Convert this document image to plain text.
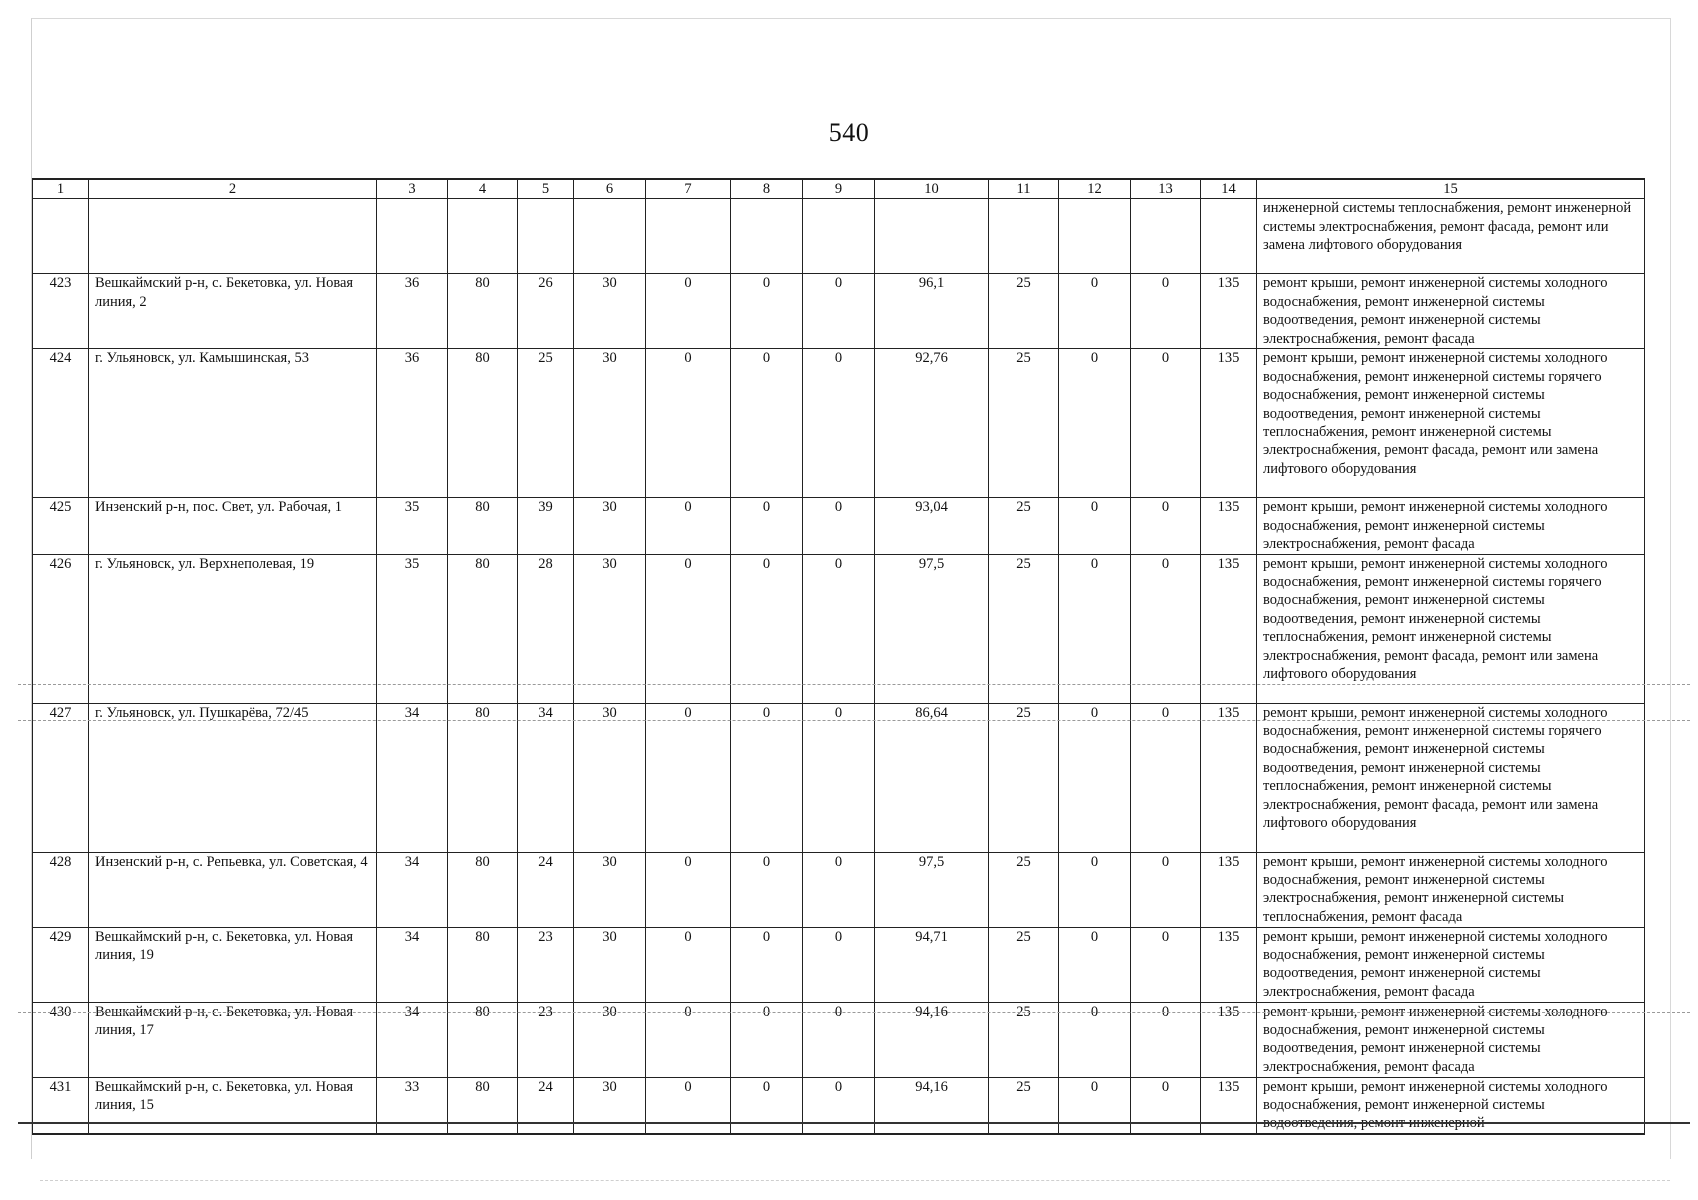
540
1	2	3	4	5	6	7	8	9	10	11	12	13	14	15
														инженерной системы теплоснабжения, ремонт инженерной системы электроснабжения, ремонт фасада, ремонт или замена лифтового оборудования
423	Вешкаймский р-н, с. Бекетовка, ул. Новая линия, 2	36	80	26	30	0	0	0	96,1	25	0	0	135	ремонт крыши, ремонт инженерной системы холодного водоснабжения, ремонт инженерной системы водоотведения, ремонт инженерной системы электроснабжения, ремонт фасада
424	г. Ульяновск, ул. Камышинская, 53	36	80	25	30	0	0	0	92,76	25	0	0	135	ремонт крыши, ремонт инженерной системы холодного водоснабжения, ремонт инженерной системы горячего водоснабжения, ремонт инженерной системы водоотведения, ремонт инженерной системы теплоснабжения, ремонт инженерной системы электроснабжения, ремонт фасада, ремонт или замена лифтового оборудования
425	Инзенский р-н, пос. Свет, ул. Рабочая, 1	35	80	39	30	0	0	0	93,04	25	0	0	135	ремонт крыши, ремонт инженерной системы холодного водоснабжения, ремонт инженерной системы электроснабжения, ремонт фасада
426	г. Ульяновск, ул. Верхнеполевая, 19	35	80	28	30	0	0	0	97,5	25	0	0	135	ремонт крыши, ремонт инженерной системы холодного водоснабжения, ремонт инженерной системы горячего водоснабжения, ремонт инженерной системы водоотведения, ремонт инженерной системы теплоснабжения, ремонт инженерной системы электроснабжения, ремонт фасада, ремонт или замена лифтового оборудования
427	г. Ульяновск, ул. Пушкарёва, 72/45	34	80	34	30	0	0	0	86,64	25	0	0	135	ремонт крыши, ремонт инженерной системы холодного водоснабжения, ремонт инженерной системы горячего водоснабжения, ремонт инженерной системы водоотведения, ремонт инженерной системы теплоснабжения, ремонт инженерной системы электроснабжения, ремонт фасада, ремонт или замена лифтового оборудования
428	Инзенский р-н, с. Репьевка, ул. Советская, 4	34	80	24	30	0	0	0	97,5	25	0	0	135	ремонт крыши, ремонт инженерной системы холодного водоснабжения, ремонт инженерной системы электроснабжения, ремонт инженерной системы теплоснабжения, ремонт фасада
429	Вешкаймский р-н, с. Бекетовка, ул. Новая линия, 19	34	80	23	30	0	0	0	94,71	25	0	0	135	ремонт крыши, ремонт инженерной системы холодного водоснабжения, ремонт инженерной системы водоотведения, ремонт инженерной системы электроснабжения, ремонт фасада
430	Вешкаймский р-н, с. Бекетовка, ул. Новая линия, 17	34	80	23	30	0	0	0	94,16	25	0	0	135	ремонт крыши, ремонт инженерной системы холодного водоснабжения, ремонт инженерной системы водоотведения, ремонт инженерной системы электроснабжения, ремонт фасада
431	Вешкаймский р-н, с. Бекетовка, ул. Новая линия, 15	33	80	24	30	0	0	0	94,16	25	0	0	135	ремонт крыши, ремонт инженерной системы холодного водоснабжения, ремонт инженерной системы водоотведения, ремонт инженерной
